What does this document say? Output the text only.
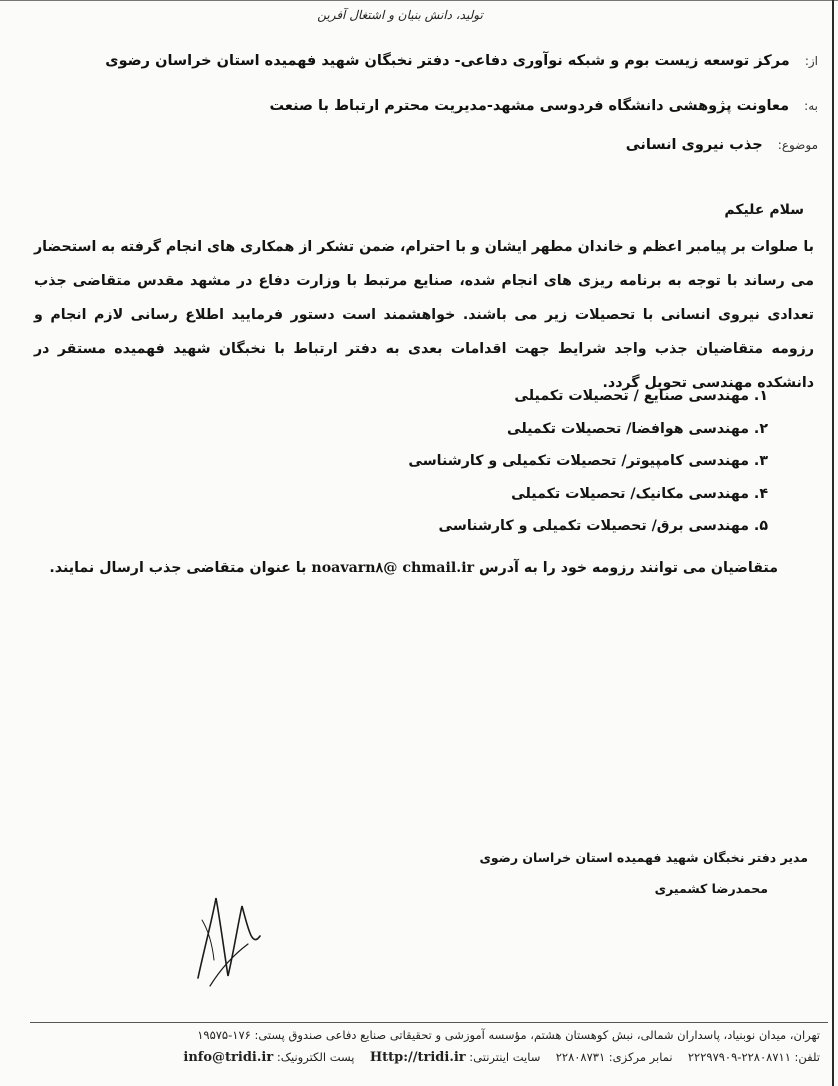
تولید، دانش بنیان و اشتغال آفرین
از: مرکز توسعه زیست بوم و شبکه نوآوری دفاعی- دفتر نخبگان شهید فهمیده استان خراسان رضوی
به: معاونت پژوهشی دانشگاه فردوسی مشهد-مدیریت محترم ارتباط با صنعت
موضوع: جذب نیروی انسانی
سلام علیکم

با صلوات بر پیامبر اعظم و خاندان مطهر ایشان و با احترام، ضمن تشکر از همکاری های انجام گرفته به استحضار می رساند با توجه به برنامه ریزی های انجام شده، صنایع مرتبط با وزارت دفاع در مشهد مقدس متقاضی جذب تعدادی نیروی انسانی با تحصیلات زیر می باشند. خواهشمند است دستور فرمایید اطلاع رسانی لازم انجام و رزومه متقاضیان جذب واجد شرایط جهت اقدامات بعدی به دفتر ارتباط با نخبگان شهید فهمیده مستقر در دانشکده مهندسی تحویل گردد.

۱. مهندسی صنایع / تحصیلات تکمیلی
۲. مهندسی هوافضا/ تحصیلات تکمیلی
۳. مهندسی کامپیوتر/ تحصیلات تکمیلی و کارشناسی
۴. مهندسی مکانیک/ تحصیلات تکمیلی
۵. مهندسی برق/ تحصیلات تکمیلی و کارشناسی
متقاضیان می توانند رزومه خود را به آدرس noavarn۸@ chmail.ir با عنوان متقاضی جذب ارسال نمایند.
مدیر دفتر نخبگان شهید فهمیده استان خراسان رضوی
محمدرضا کشمیری
تهران، میدان نوبنیاد، پاسداران شمالی، نبش کوهستان هشتم، مؤسسه آموزشی و تحقیقاتی صنایع دفاعی صندوق پستی: ۱۷۶-۱۹۵۷۵
تلفن: ۲۲۸۰۸۷۱۱-۲۲۲۹۷۹۰۹  نمابر مرکزی: ۲۲۸۰۸۷۳۱  سایت اینترنتی: Http://tridi.ir  پست الکترونیک: info@tridi.ir
